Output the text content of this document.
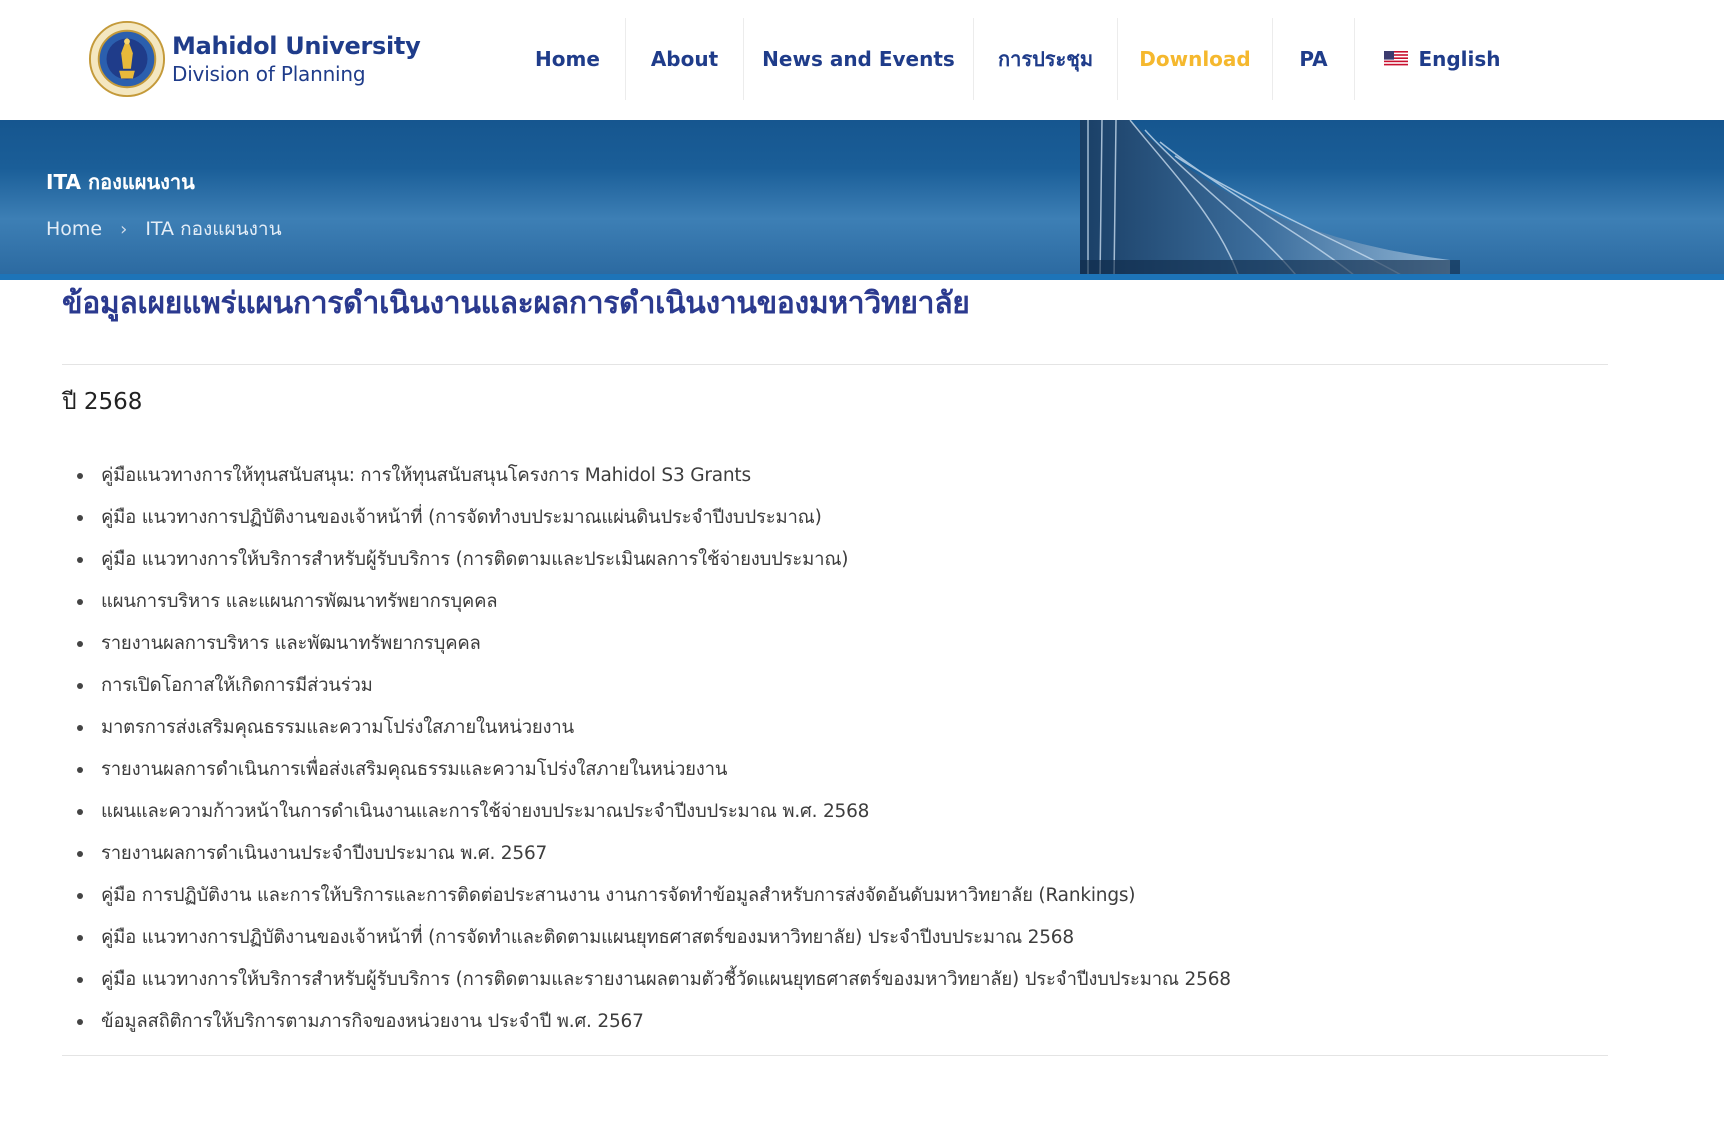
Mahidol University
Division of Planning
Home	About News and Events การประชุม Download PA	English
ITA กองแผนงาน
Home › ITA กองแผนงาน
ข้อมูลเผยแพร่แผนการดำเนินงานและผลการดำเนินงานของมหาวิทยาลัย
ปี 2568
คู่มือแนวทางการให้ทุนสนับสนุน: การให้ทุนสนับสนุนโครงการ Mahidol S3 Grants
คู่มือ แนวทางการปฏิบัติงานของเจ้าหน้าที่ (การจัดทำงบประมาณแผ่นดินประจำปีงบประมาณ)
คู่มือ แนวทางการให้บริการสำหรับผู้รับบริการ (การติดตามและประเมินผลการใช้จ่ายงบประมาณ)
แผนการบริหาร และแผนการพัฒนาทรัพยากรบุคคล
รายงานผลการบริหาร และพัฒนาทรัพยากรบุคคล
การเปิดโอกาสให้เกิดการมีส่วนร่วม
มาตรการส่งเสริมคุณธรรมและความโปร่งใสภายในหน่วยงาน
รายงานผลการดำเนินการเพื่อส่งเสริมคุณธรรมและความโปร่งใสภายในหน่วยงาน
แผนและความก้าวหน้าในการดำเนินงานและการใช้จ่ายงบประมาณประจำปีงบประมาณ พ.ศ. 2568
รายงานผลการดำเนินงานประจำปีงบประมาณ พ.ศ. 2567
คู่มือ การปฏิบัติงาน และการให้บริการและการติดต่อประสานงาน งานการจัดทำข้อมูลสำหรับการส่งจัดอันดับมหาวิทยาลัย (Rankings)
คู่มือ แนวทางการปฏิบัติงานของเจ้าหน้าที่ (การจัดทำและติดตามแผนยุทธศาสตร์ของมหาวิทยาลัย) ประจำปีงบประมาณ 2568
คู่มือ แนวทางการให้บริการสำหรับผู้รับบริการ (การติดตามและรายงานผลตามตัวชี้วัดแผนยุทธศาสตร์ของมหาวิทยาลัย) ประจำปีงบประมาณ 2568
ข้อมูลสถิติการให้บริการตามภารกิจของหน่วยงาน ประจำปี พ.ศ. 2567
